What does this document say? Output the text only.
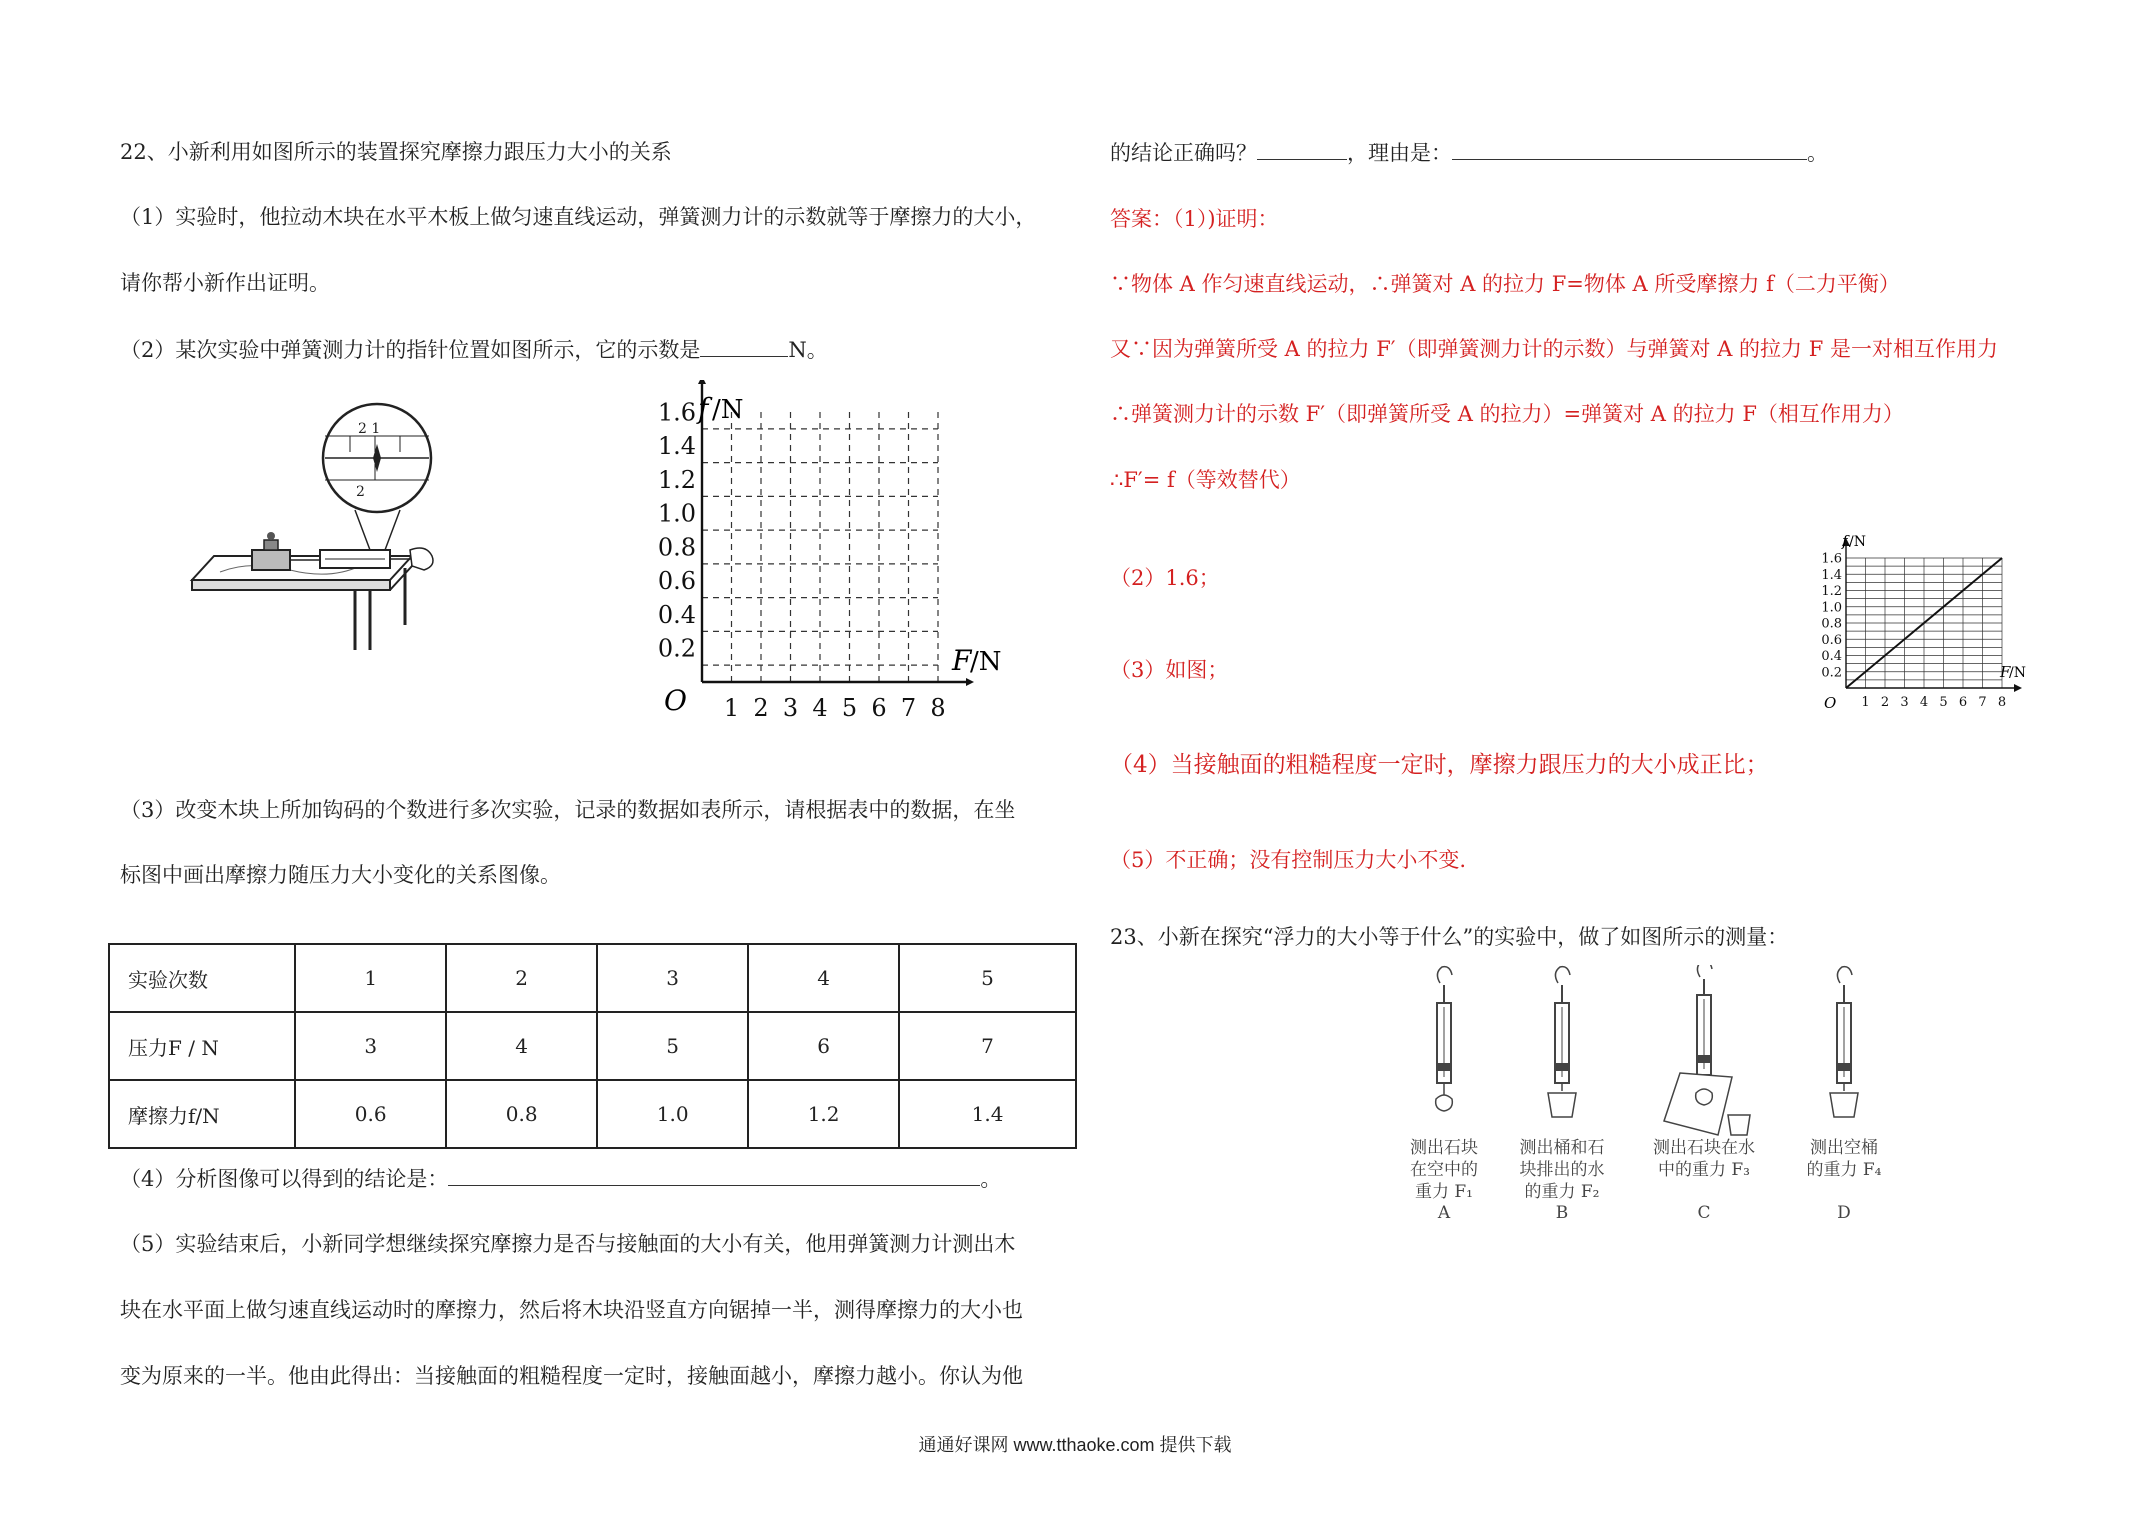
22、小新利用如图所示的装置探究摩擦力跟压力大小的关系
（1）实验时，他拉动木块在水平木板上做匀速直线运动，弹簧测力计的示数就等于摩擦力的大小，
请你帮小新作出证明。
（2）某次实验中弹簧测力计的指针位置如图所示，它的示数是	N。
2 1
2
1.6
1.4
1.2
1.0
0.8
0.6
0.4
0.2
1 2 3 4 5 6 7 8
f /N
F
/N
O
（3）改变木块上所加钩码的个数进行多次实验，记录的数据如表所示，请根据表中的数据，在坐
标图中画出摩擦力随压力大小变化的关系图像。
实验次数	1	2	3	4	5
压力F / N	3	4	5	6	7
摩擦力f/N	0.6	0.8	1.0	1.2	1.4
（4）分析图像可以得到的结论是：	。
（5）实验结束后，小新同学想继续探究摩擦力是否与接触面的大小有关，他用弹簧测力计测出木
块在水平面上做匀速直线运动时的摩擦力，然后将木块沿竖直方向锯掉一半，测得摩擦力的大小也
变为原来的一半。他由此得出：当接触面的粗糙程度一定时，接触面越小，摩擦力越小。你认为他
的结论正确吗？	，理由是：	。
答案：（1）)证明：
∵物体 A 作匀速直线运动，∴弹簧对 A 的拉力 F=物体 A 所受摩擦力 f（二力平衡）
又∵因为弹簧所受 A 的拉力 F′（即弹簧测力计的示数）与弹簧对 A 的拉力 F 是一对相互作用力
∴弹簧测力计的示数 F′（即弹簧所受 A 的拉力）=弹簧对 A 的拉力 F（相互作用力）
∴F′= f（等效替代）
（2）1.6；
（3）如图；
（4）当接触面的粗糙程度一定时，摩擦力跟压力的大小成正比；
（5）不正确；没有控制压力大小不变.
1.6
1.4
1.2
1.0
0.8
0.6
0.4
0.2
1 2 3 4 5 6 7 8
f /N
F
/N
O
23、小新在探究“浮力的大小等于什么”的实验中，做了如图所示的测量：
测出石块
在空中的
重力 F₁
A
测出桶和石
块排出的水
的重力 F₂
B
测出石块在水
中的重力 F₃
C
测出空桶
的重力 F₄
D
通通好课网 www.tthaoke.com 提供下载
